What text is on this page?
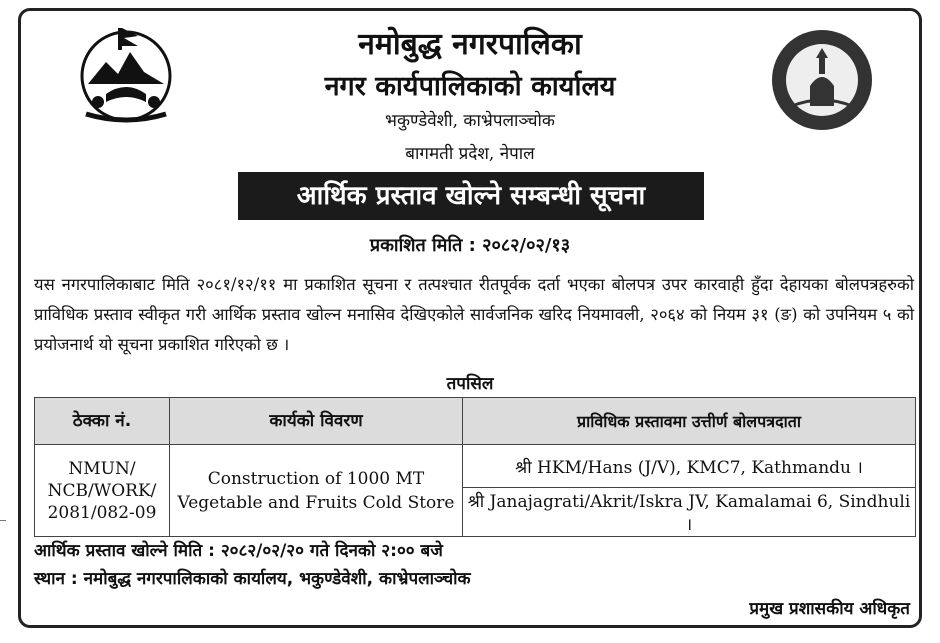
नमोबुद्ध नगरपालिका
नगर कार्यपालिकाको कार्यालय
भकुण्डेवेशी, काभ्रेपलाञ्चोक
बागमती प्रदेश, नेपाल
आर्थिक प्रस्ताव खोल्ने सम्बन्धी सूचना
प्रकाशित मिति : २०८२/०२/१३
यस नगरपालिकाबाट मिति २०८१/१२/११ मा प्रकाशित सूचना र तत्पश्चात रीतपूर्वक दर्ता भएका बोलपत्र उपर कारवाही हुँदा देहायका बोलपत्रहरुको प्राविधिक प्रस्ताव स्वीकृत गरी आर्थिक प्रस्ताव खोल्न मनासिव देखिएकोले सार्वजनिक खरिद नियमावली, २०६४ को नियम ३१ (ङ) को उपनियम ५ को प्रयोजनार्थ यो सूचना प्रकाशित गरिएको छ ।
तपसिल
ठेक्का नं.	कार्यको विवरण	प्राविधिक प्रस्तावमा उत्तीर्ण बोलपत्रदाता
NMUN/ NCB/WORK/ 2081/082-09	Construction of 1000 MT Vegetable and Fruits Cold Store	श्री HKM/Hans (J/V), KMC7, Kathmandu ।
		श्री Janajagrati/Akrit/Iskra JV, Kamalamai 6, Sindhuli ।
आर्थिक प्रस्ताव खोल्ने मिति : २०८२/०२/२० गते दिनको २:०० बजे
स्थान : नमोबुद्ध नगरपालिकाको कार्यालय, भकुण्डेवेशी, काभ्रेपलाञ्चोक
प्रमुख प्रशासकीय अधिकृत
